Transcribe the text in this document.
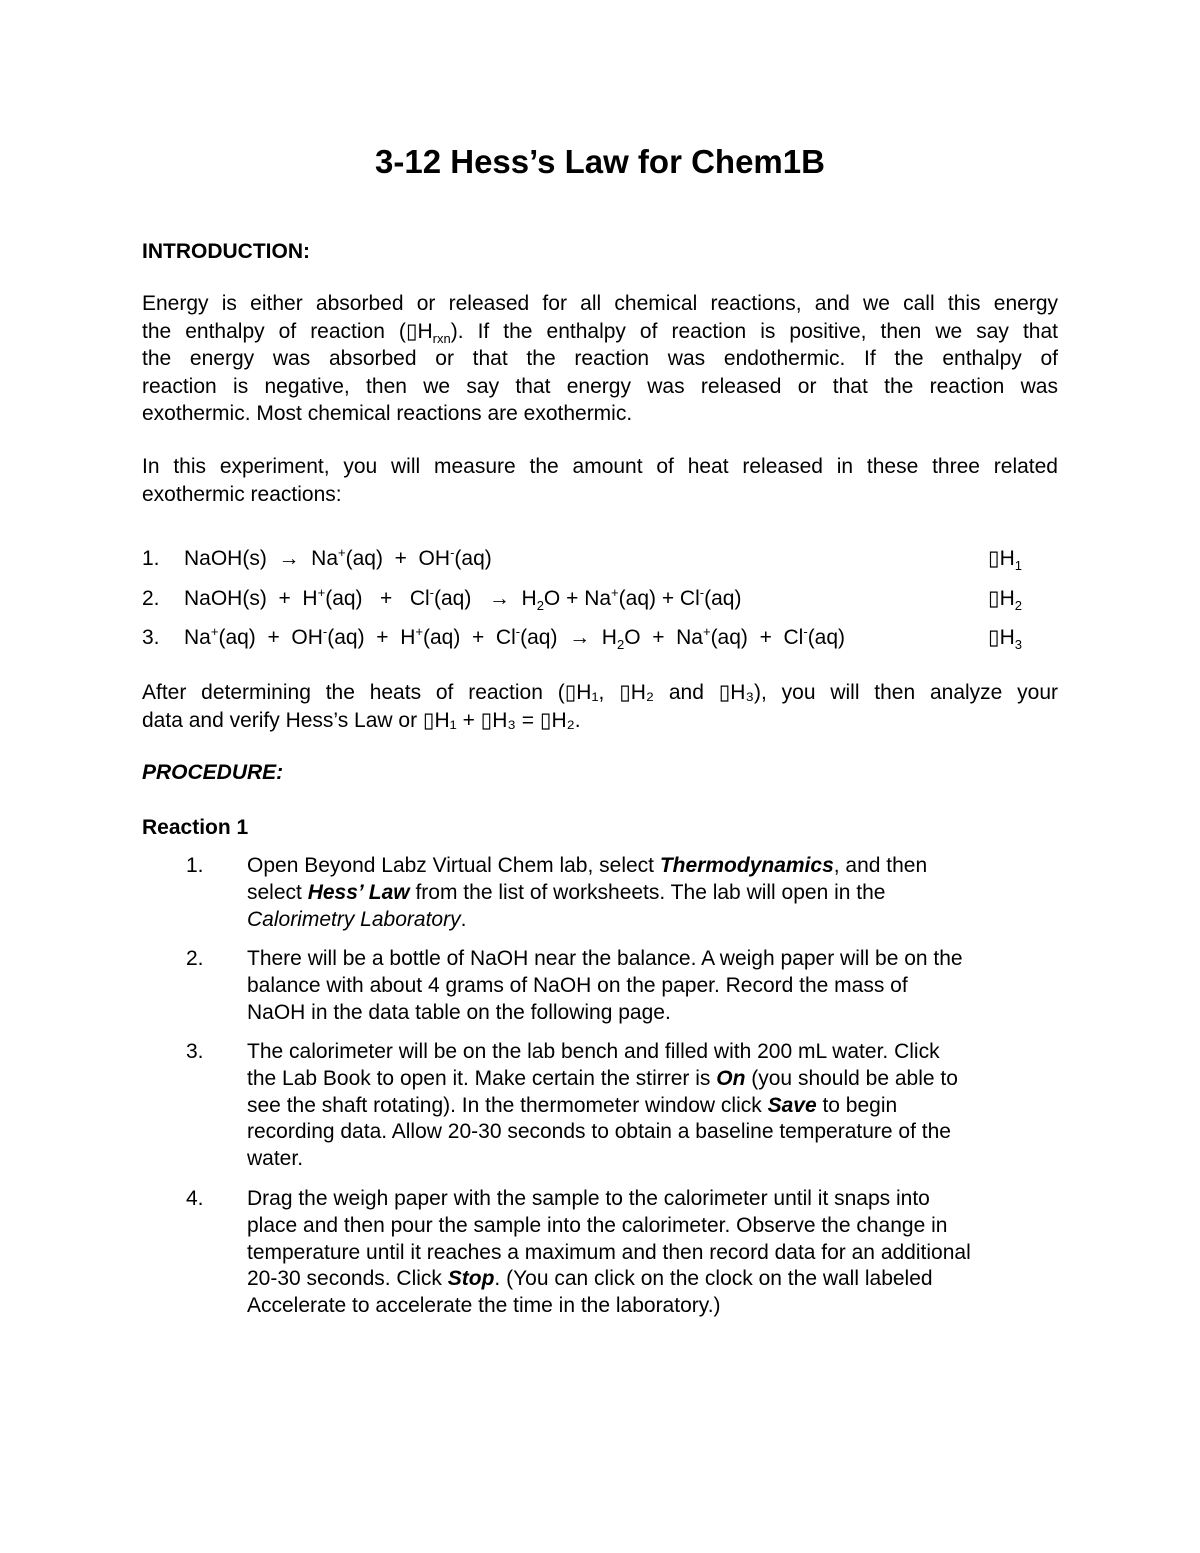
3-12 Hess’s Law for Chem1B
INTRODUCTION:
Energy is either absorbed or released for all chemical reactions, and we call this energy
the enthalpy of reaction $(▯H_{rxn})$. If the enthalpy of reaction is positive, then we say that
the energy was absorbed or that the reaction was endothermic. If the enthalpy of
reaction is negative, then we say that energy was released or that the reaction was
exothermic. Most chemical reactions are exothermic.
In this experiment, you will measure the amount of heat released in these three related
exothermic reactions:
1. NaOH(s)  →  Na+(aq)  +  OH-(aq)	$▯H_1$
2. NaOH(s)  +  $H^+(aq) + Cl^-(aq) \to H_2O + Na^+(aq) + Cl^-(aq)$	$▯H_2$
3. $Na^+(aq) + OH^-(aq) + H^+(aq) + Cl^-(aq) \to H_2O + Na^+(aq) + Cl^-(aq)$	$▯H_3$
After determining the heats of reaction (▯H₁, ▯H₂ and ▯H₃), you will then analyze your
data and verify Hess’s Law or ▯H₁ + ▯H₃ = ▯H₂.
PROCEDURE:
Reaction 1
1. Open Beyond Labz Virtual Chem lab, select Thermodynamics, and then
select Hess’ Law from the list of worksheets. The lab will open in the
Calorimetry Laboratory.
2. There will be a bottle of NaOH near the balance. A weigh paper will be on the
balance with about 4 grams of NaOH on the paper. Record the mass of
NaOH in the data table on the following page.
3. The calorimeter will be on the lab bench and filled with 200 mL water. Click
the Lab Book to open it. Make certain the stirrer is On (you should be able to
see the shaft rotating). In the thermometer window click Save to begin
recording data. Allow 20-30 seconds to obtain a baseline temperature of the
water.
4. Drag the weigh paper with the sample to the calorimeter until it snaps into
place and then pour the sample into the calorimeter. Observe the change in
temperature until it reaches a maximum and then record data for an additional
20-30 seconds. Click Stop. (You can click on the clock on the wall labeled
Accelerate to accelerate the time in the laboratory.)
